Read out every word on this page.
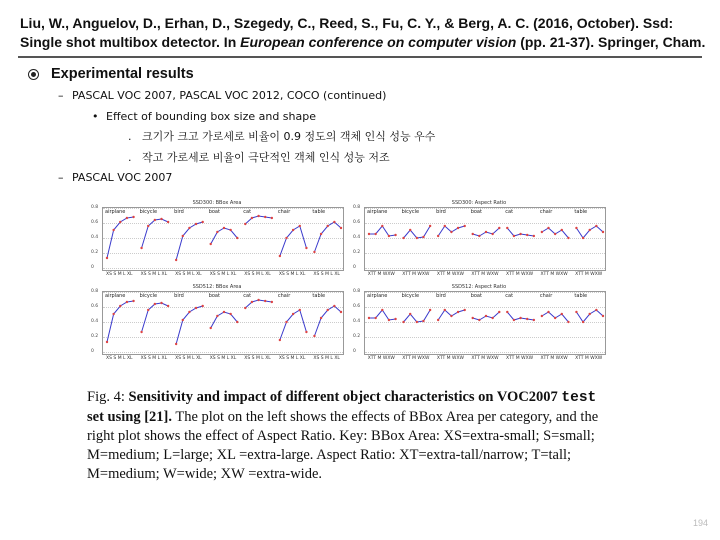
Liu, W., Anguelov, D., Erhan, D., Szegedy, C., Reed, S., Fu, C. Y., & Berg, A. C. (2016, October). Ssd:
Single shot multibox detector. In European conference on computer vision (pp. 21-37). Springer, Cham.
Experimental results
– PASCAL VOC 2007, PASCAL VOC 2012, COCO (continued)
• Effect of bounding box size and shape
. 크기가 크고 가로세로 비율이 0.9 정도의 객체 인식 성능 우수
. 작고 가로세로 비율이 극단적인 객체 인식 성능 저조
– PASCAL VOC 2007
SSD300: BBox Area
0.8
0.6
0.4
0.2
0
airplane	bicycle	bird	boat	cat	chair	table
XS S M L XL XS S M L XL XS S M L XL XS S M L XL XS S M L XL XS S M L XL XS S M L XL
SSD300: Aspect Ratio
0.8
0.6
0.4
0.2
0
airplane	bicycle	bird	boat	cat	chair	table
XTT M WXW XTT M WXW XTT M WXW XTT M WXW XTT M WXW XTT M WXW XTT M WXW
SSD512: BBox Area
0.8
0.6
0.4
0.2
0
airplane	bicycle	bird	boat	cat	chair	table
XS S M L XL XS S M L XL XS S M L XL XS S M L XL XS S M L XL XS S M L XL XS S M L XL
SSD512: Aspect Ratio
0.8
0.6
0.4
0.2
0
airplane	bicycle	bird	boat	cat	chair	table
XTT M WXW XTT M WXW XTT M WXW XTT M WXW XTT M WXW XTT M WXW XTT M WXW
Fig. 4: Sensitivity and impact of different object characteristics on VOC2007 test set using [21]. The plot on the left shows the effects of BBox Area per category, and the right plot shows the effect of Aspect Ratio. Key: BBox Area: XS=extra-small; S=small; M=medium; L=large; XL =extra-large. Aspect Ratio: XT=extra-tall/narrow; T=tall; M=medium; W=wide; XW =extra-wide.
194
